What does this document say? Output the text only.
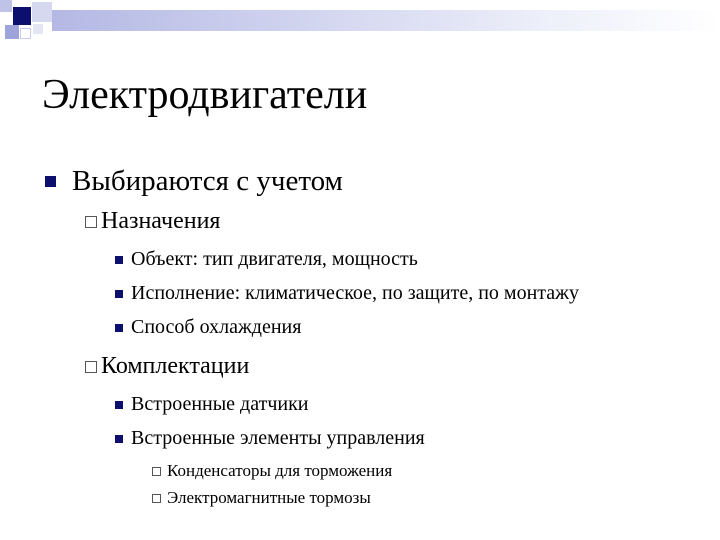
Электродвигатели
Выбираются с учетом
Назначения
Объект: тип двигателя, мощность
Исполнение: климатическое, по защите, по монтажу
Способ охлаждения
Комплектации
Встроенные датчики
Встроенные элементы управления
Конденсаторы для торможения
Электромагнитные тормозы
